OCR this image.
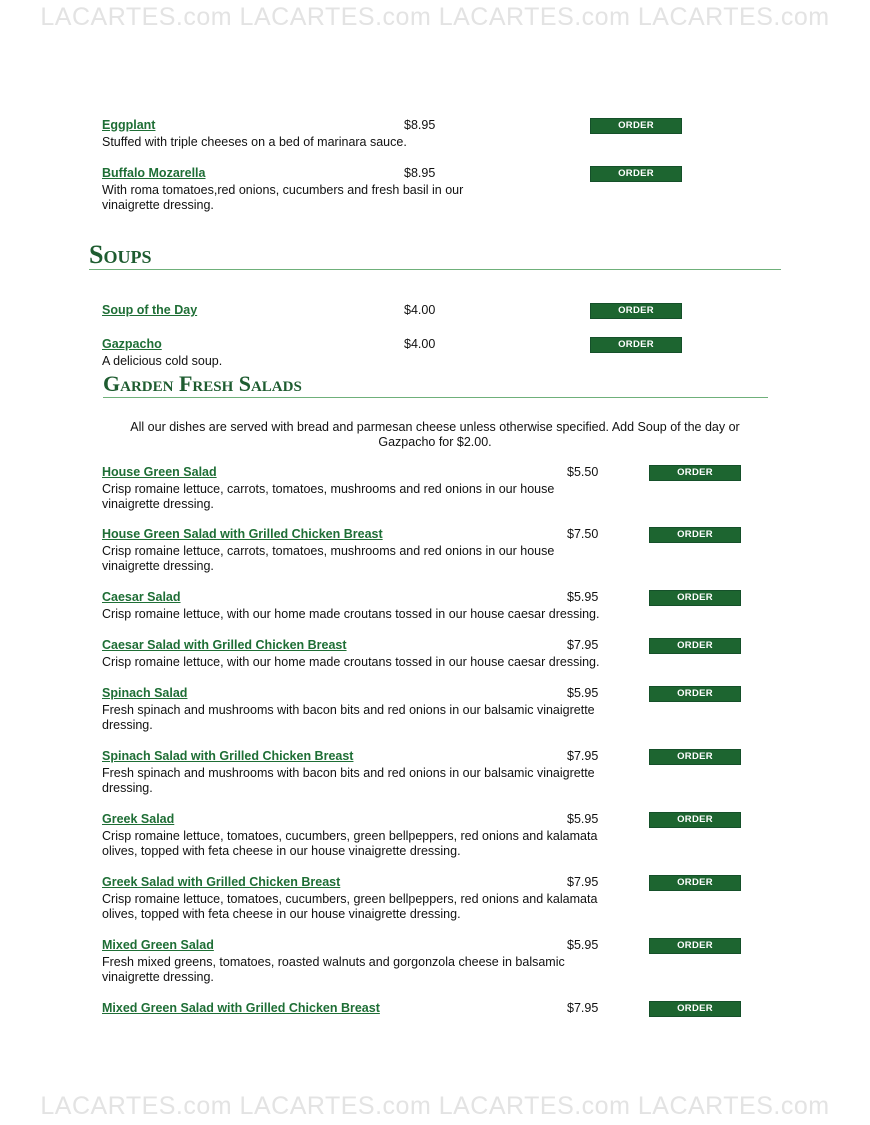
LACARTES.com LACARTES.com LACARTES.com LACARTES.com
Eggplant	$8.95	ORDER
Stuffed with triple cheeses on a bed of marinara sauce.
Buffalo Mozarella	$8.95	ORDER
With roma tomatoes,red onions, cucumbers and fresh basil in our vinaigrette dressing.
Soups
Soup of the Day	$4.00	ORDER
Gazpacho	$4.00	ORDER
A delicious cold soup.
Garden Fresh Salads
All our dishes are served with bread and parmesan cheese unless otherwise specified. Add Soup of the day or Gazpacho for $2.00.
House Green Salad	$5.50	ORDER
Crisp romaine lettuce, carrots, tomatoes, mushrooms and red onions in our house vinaigrette dressing.
House Green Salad with Grilled Chicken Breast	$7.50	ORDER
Crisp romaine lettuce, carrots, tomatoes, mushrooms and red onions in our house vinaigrette dressing.
Caesar Salad	$5.95	ORDER
Crisp romaine lettuce, with our home made croutans tossed in our house caesar dressing.
Caesar Salad with Grilled Chicken Breast	$7.95	ORDER
Crisp romaine lettuce, with our home made croutans tossed in our house caesar dressing.
Spinach Salad	$5.95	ORDER
Fresh spinach and mushrooms with bacon bits and red onions in our balsamic vinaigrette dressing.
Spinach Salad with Grilled Chicken Breast	$7.95	ORDER
Fresh spinach and mushrooms with bacon bits and red onions in our balsamic vinaigrette dressing.
Greek Salad	$5.95	ORDER
Crisp romaine lettuce, tomatoes, cucumbers, green bellpeppers, red onions and kalamata olives, topped with feta cheese in our house vinaigrette dressing.
Greek Salad with Grilled Chicken Breast	$7.95	ORDER
Crisp romaine lettuce, tomatoes, cucumbers, green bellpeppers, red onions and kalamata olives, topped with feta cheese in our house vinaigrette dressing.
Mixed Green Salad	$5.95	ORDER
Fresh mixed greens, tomatoes, roasted walnuts and gorgonzola cheese in balsamic vinaigrette dressing.
Mixed Green Salad with Grilled Chicken Breast	$7.95	ORDER
LACARTES.com LACARTES.com LACARTES.com LACARTES.com
